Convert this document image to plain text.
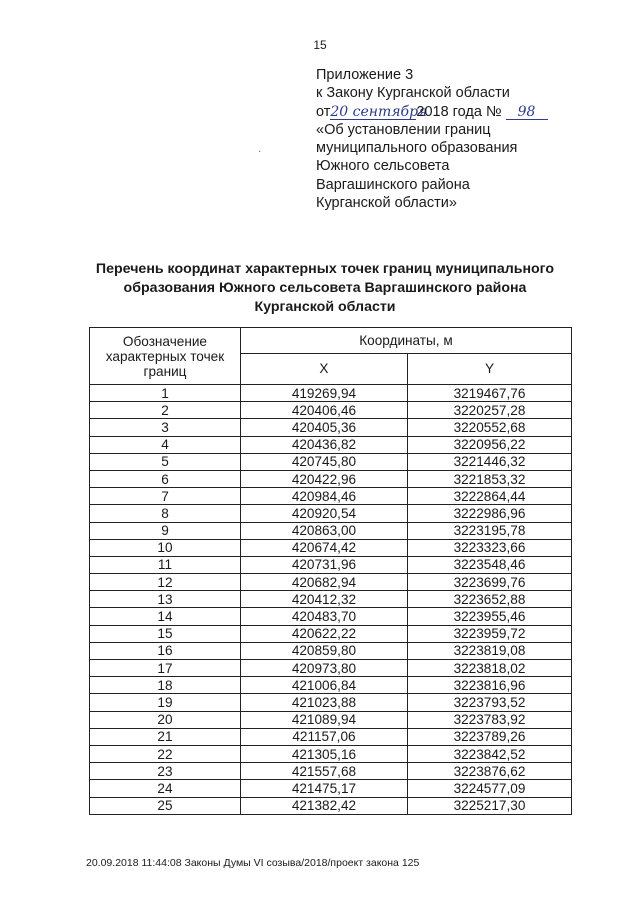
15
Приложение 3
к Закону Курганской области
от20 сентября2018 года № 98
«Об установлении границ
муниципального образования
Южного сельсовета
Варгашинского района
Курганской области»
·
Перечень координат характерных точек границ муниципального
образования Южного сельсовета Варгашинского района
Курганской области
Обозначение
характерных точек
границ	Координаты, м	
	X	Y
1	419269,94	3219467,76
2	420406,46	3220257,28
3	420405,36	3220552,68
4	420436,82	3220956,22
5	420745,80	3221446,32
6	420422,96	3221853,32
7	420984,46	3222864,44
8	420920,54	3222986,96
9	420863,00	3223195,78
10	420674,42	3223323,66
11	420731,96	3223548,46
12	420682,94	3223699,76
13	420412,32	3223652,88
14	420483,70	3223955,46
15	420622,22	3223959,72
16	420859,80	3223819,08
17	420973,80	3223818,02
18	421006,84	3223816,96
19	421023,88	3223793,52
20	421089,94	3223783,92
21	421157,06	3223789,26
22	421305,16	3223842,52
23	421557,68	3223876,62
24	421475,17	3224577,09
25	421382,42	3225217,30
20.09.2018 11:44:08 Законы Думы VI созыва/2018/проект закона 125
